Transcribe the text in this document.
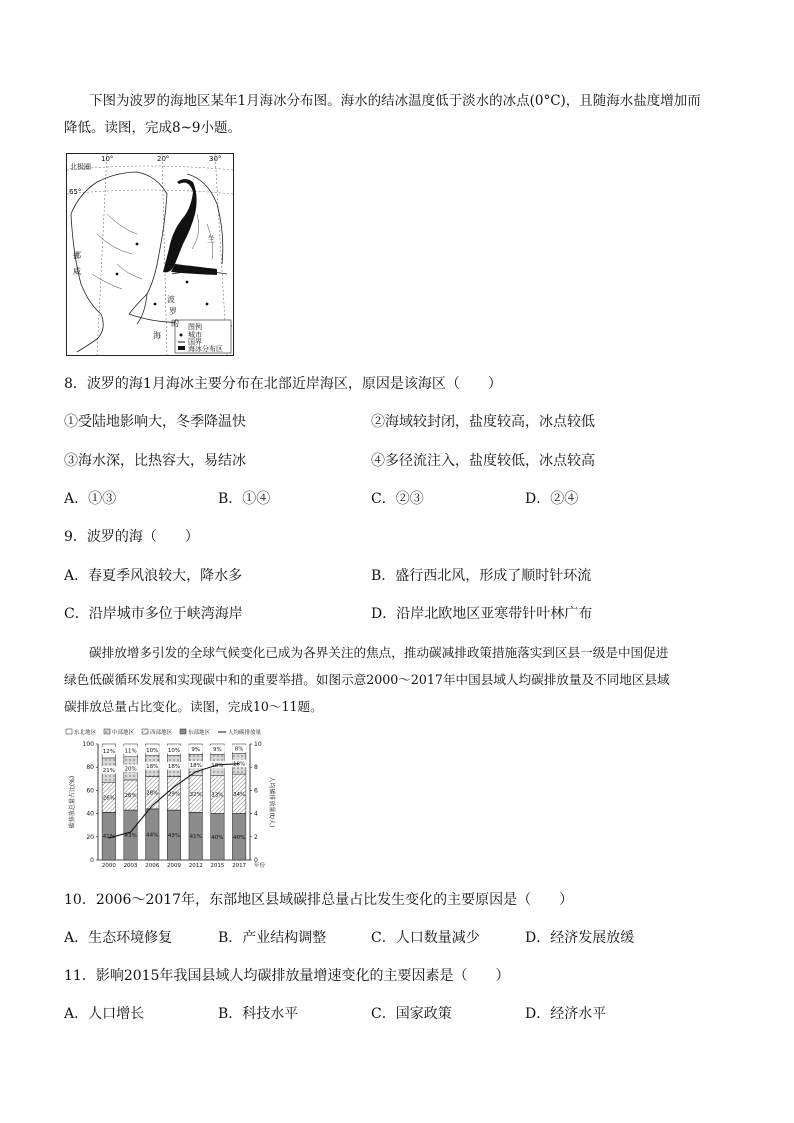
下图为波罗的海地区某年1月海冰分布图。海水的结冰温度低于淡水的冰点(0°C)，且随海水盐度增加而
降低。读图，完成8~9小题。
北极圈
10°	20°	30°
65°
挪
威
兰
波
罗
的
海
图例
城市
国界
海冰分布区
8．波罗的海1月海冰主要分布在北部近岸海区，原因是该海区（　　）
①受陆地影响大，冬季降温快	②海域较封闭，盐度较高，冰点较低
③海水深，比热容大，易结冰	④多径流注入，盐度较低，冰点较高
A．①③	B．①④	C．②③	D．②④
9．波罗的海（　　）
A．春夏季风浪较大，降水多	B．盛行西北风，形成了顺时针环流
C．沿岸城市多位于峡湾海岸	D．沿岸北欧地区亚寒带针叶林广布
碳排放增多引发的全球气候变化已成为各界关注的焦点，推动碳减排政策措施落实到区县一级是中国促进
绿色低碳循环发展和实现碳中和的重要举措。如图示意2000～2017年中国县域人均碳排放量及不同地区县域
碳排放总量占比变化。读图，完成10～11题。
东北地区	中部地区	西部地区	东部地区	人均碳排放量
0
20
40
60
80
100
0
2
4
6
8
10
碳排放总量占比(%)	人均碳排放量(t/人)
41%
26%
21%
12%
2000
43%
26%
20%
11%
2003
44%
28%
18%
10%
2006
43%
29%
18%
10%
2009
41%
32%
18%
9%
2012
40%
33%
18%
9%
2015
40%
34%
18%
8%
2017 年份
10．2006～2017年，东部地区县域碳排总量占比发生变化的主要原因是（　　）
A．生态环境修复	B．产业结构调整	C．人口数量减少	D．经济发展放缓
11．影响2015年我国县域人均碳排放量增速变化的主要因素是（　　）
A．人口增长	B．科技水平	C．国家政策	D．经济水平
